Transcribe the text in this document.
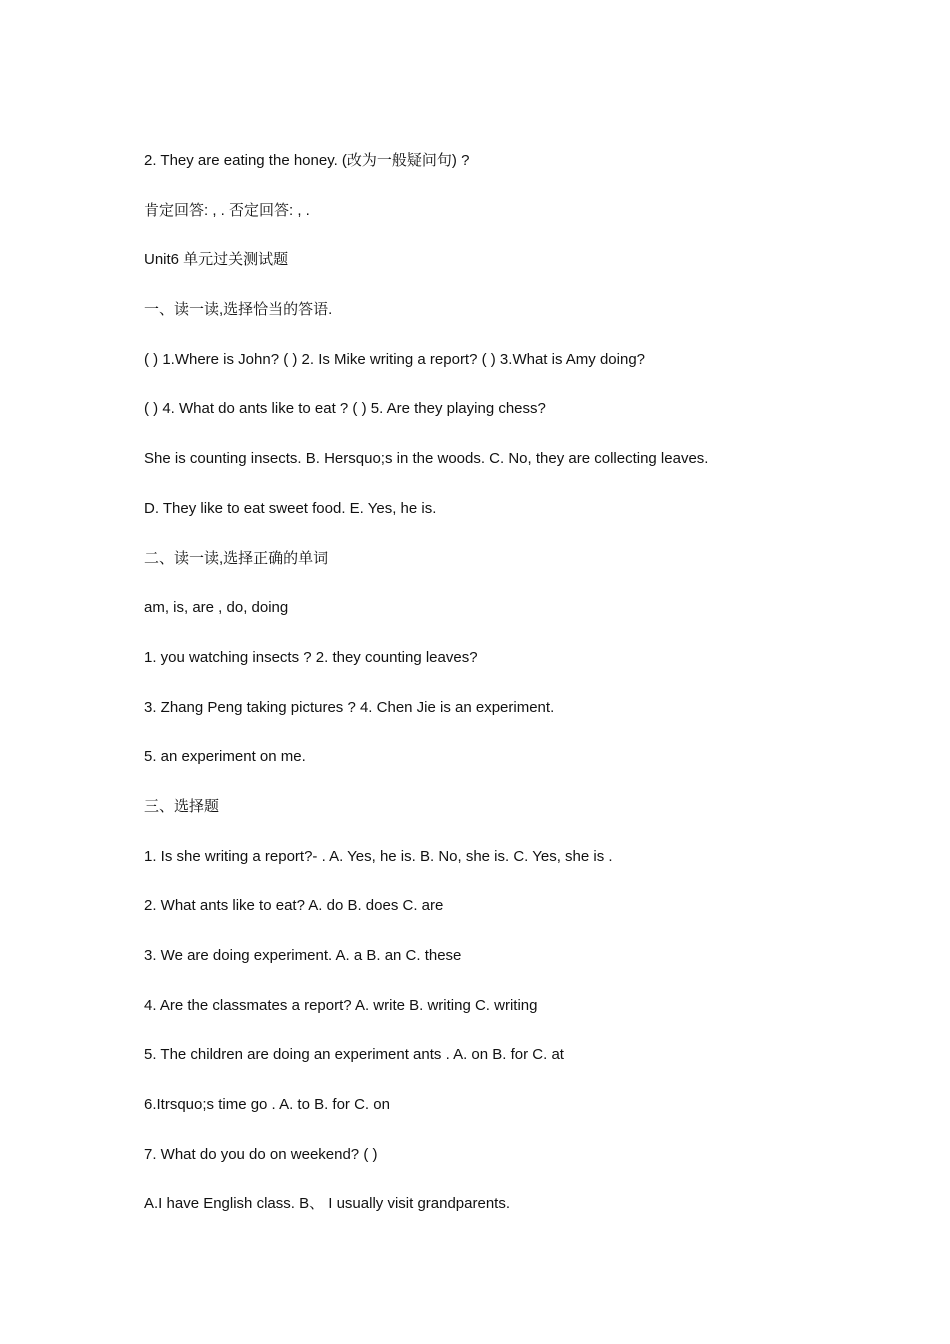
2. They are eating the honey. (改为一般疑问句) ?
肯定回答: , . 否定回答: , .
Unit6 单元过关测试题
一、读一读,选择恰当的答语.
( ) 1.Where is John? ( ) 2. Is Mike writing a report? ( ) 3.What is Amy doing?
( ) 4. What do ants like to eat ? ( ) 5. Are they playing chess?
She is counting insects. B. Hersquo;s in the woods. C. No, they are collecting leaves.
D. They like to eat sweet food. E. Yes, he is.
二、读一读,选择正确的单词
am, is, are , do, doing
1. you watching insects ? 2. they counting leaves?
3. Zhang Peng taking pictures ? 4. Chen Jie is an experiment.
5. an experiment on me.
三、选择题
1. Is she writing a report?- . A. Yes, he is. B. No, she is. C. Yes, she is .
2. What ants like to eat? A. do B. does C. are
3. We are doing experiment. A. a B. an C. these
4. Are the classmates a report? A. write B. writing C. writing
5. The children are doing an experiment ants . A. on B. for C. at
6.Itrsquo;s time go . A. to B. for C. on
7. What do you do on weekend? ( )
A.I have English class. B、 I usually visit grandparents.
